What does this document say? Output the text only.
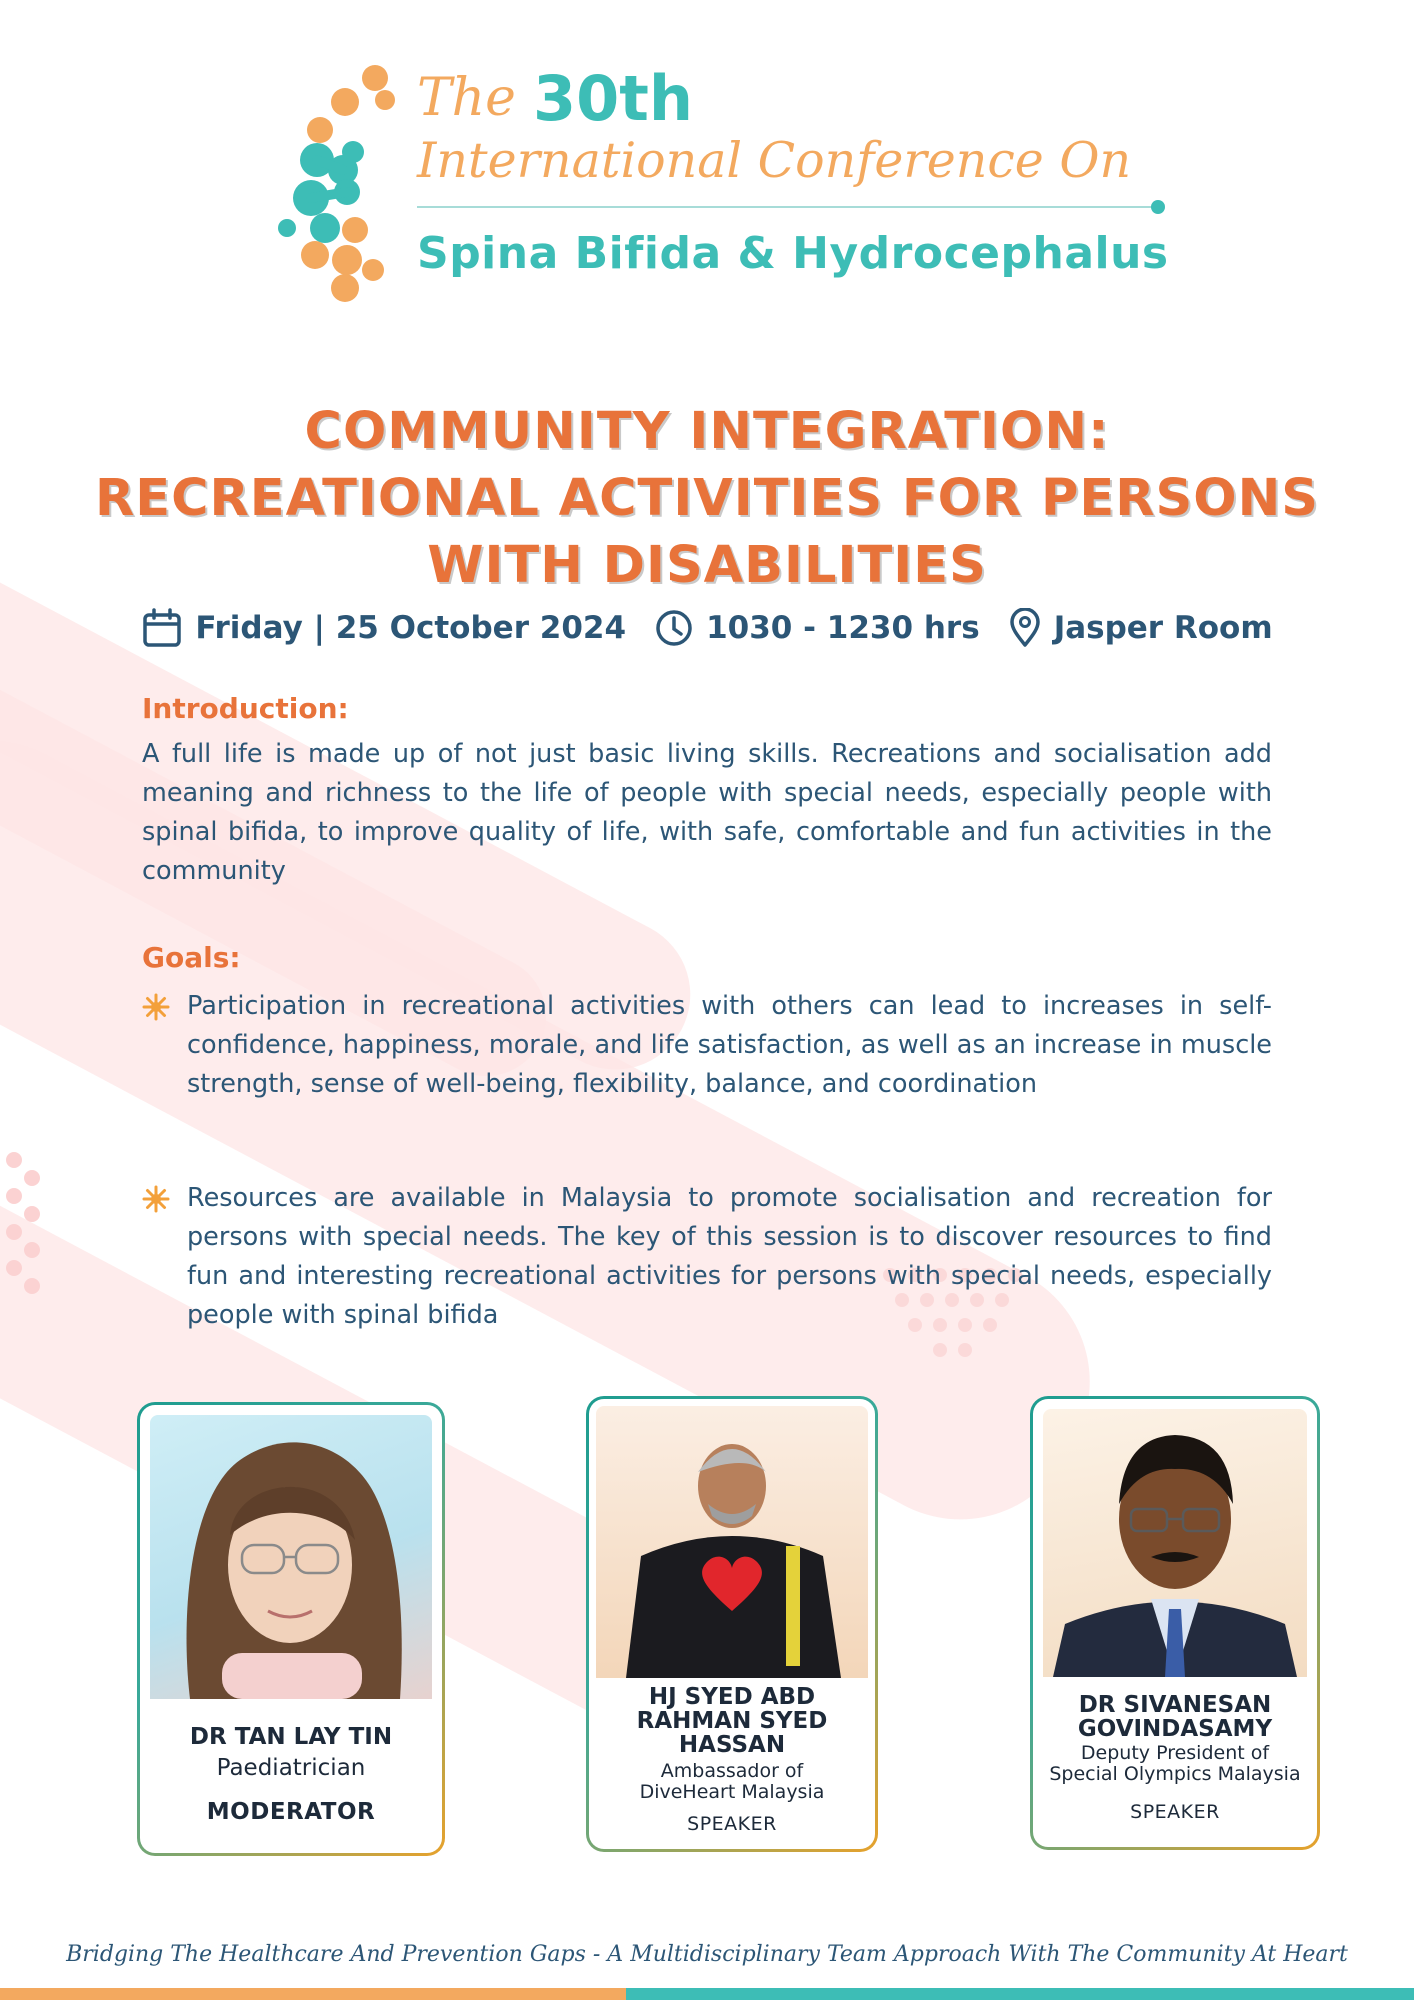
The 30th
International Conference On
Spina Bifida & Hydrocephalus
COMMUNITY INTEGRATION:
RECREATIONAL ACTIVITIES FOR PERSONS
WITH DISABILITIES
Friday | 25 October 2024	1030 - 1230 hrs Jasper Room
Introduction:
A full life is made up of not just basic living skills. Recreations and socialisation add meaning and richness to the life of people with special needs, especially people with spinal bifida, to improve quality of life, with safe, comfortable and fun activities in the community
Goals:
Participation in recreational activities with others can lead to increases in self-confidence, happiness, morale, and life satisfaction, as well as an increase in muscle strength, sense of well-being, flexibility, balance, and coordination
Resources are available in Malaysia to promote socialisation and recreation for persons with special needs. The key of this session is to discover resources to find fun and interesting recreational activities for persons with special needs, especially people with spinal bifida
DR TAN LAY TIN
Paediatrician
MODERATOR
HJ SYED ABD
RAHMAN SYED
HASSAN
Ambassador of
DiveHeart Malaysia
SPEAKER
DR SIVANESAN
GOVINDASAMY
Deputy President of
Special Olympics Malaysia
SPEAKER
Bridging The Healthcare And Prevention Gaps - A Multidisciplinary Team Approach With The Community At Heart
